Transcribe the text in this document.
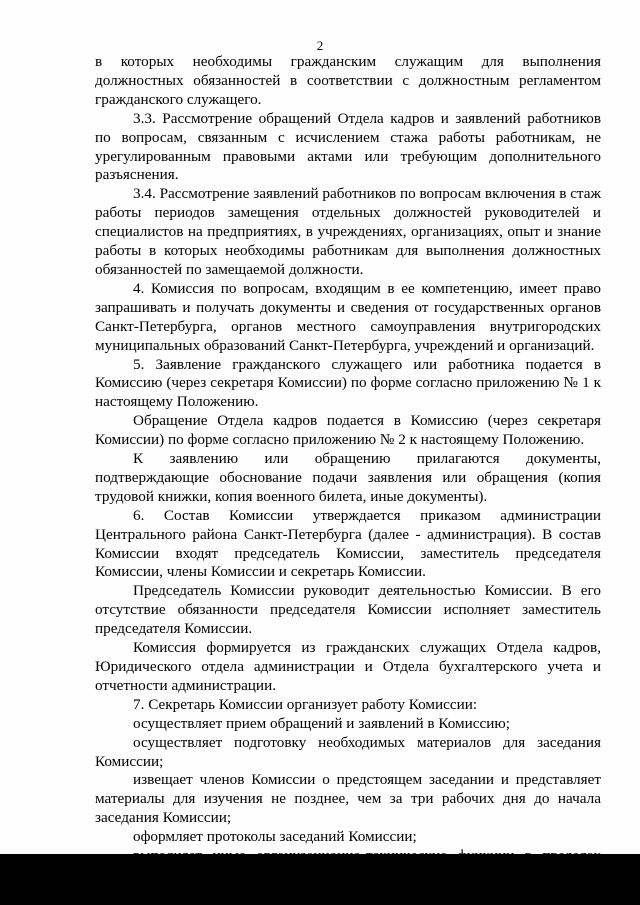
2

в которых необходимы гражданским служащим для выполнения должностных обязанностей в соответствии с должностным регламентом гражданского служащего.

3.3. Рассмотрение обращений Отдела кадров и заявлений работников по вопросам, связанным с исчислением стажа работы работникам, не урегулированным правовыми актами или требующим дополнительного разъяснения.

3.4. Рассмотрение заявлений работников по вопросам включения в стаж работы периодов замещения отдельных должностей руководителей и специалистов на предприятиях, в учреждениях, организациях, опыт и знание работы в которых необходимы работникам для выполнения должностных обязанностей по замещаемой должности.

4. Комиссия по вопросам, входящим в ее компетенцию, имеет право запрашивать и получать документы и сведения от государственных органов Санкт-Петербурга, органов местного самоуправления внутригородских муниципальных образований Санкт-Петербурга, учреждений и организаций.

5. Заявление гражданского служащего или работника подается в Комиссию (через секретаря Комиссии) по форме согласно приложению № 1 к настоящему Положению.

Обращение Отдела кадров подается в Комиссию (через секретаря Комиссии) по форме согласно приложению № 2 к настоящему Положению.

К заявлению или обращению прилагаются документы, подтверждающие обоснование подачи заявления или обращения (копия трудовой книжки, копия военного билета, иные документы).

6. Состав Комиссии утверждается приказом администрации Центрального района Санкт-Петербурга (далее - администрация). В состав Комиссии входят председатель Комиссии, заместитель председателя Комиссии, члены Комиссии и секретарь Комиссии.

Председатель Комиссии руководит деятельностью Комиссии. В его отсутствие обязанности председателя Комиссии исполняет заместитель председателя Комиссии.

Комиссия формируется из гражданских служащих Отдела кадров, Юридического отдела администрации и Отдела бухгалтерского учета и отчетности администрации.

7. Секретарь Комиссии организует работу Комиссии:

осуществляет прием обращений и заявлений в Комиссию;

осуществляет подготовку необходимых материалов для заседания Комиссии;

извещает членов Комиссии о предстоящем заседании и представляет материалы для изучения не позднее, чем за три рабочих дня до начала заседания Комиссии;

оформляет протоколы заседаний Комиссии;
